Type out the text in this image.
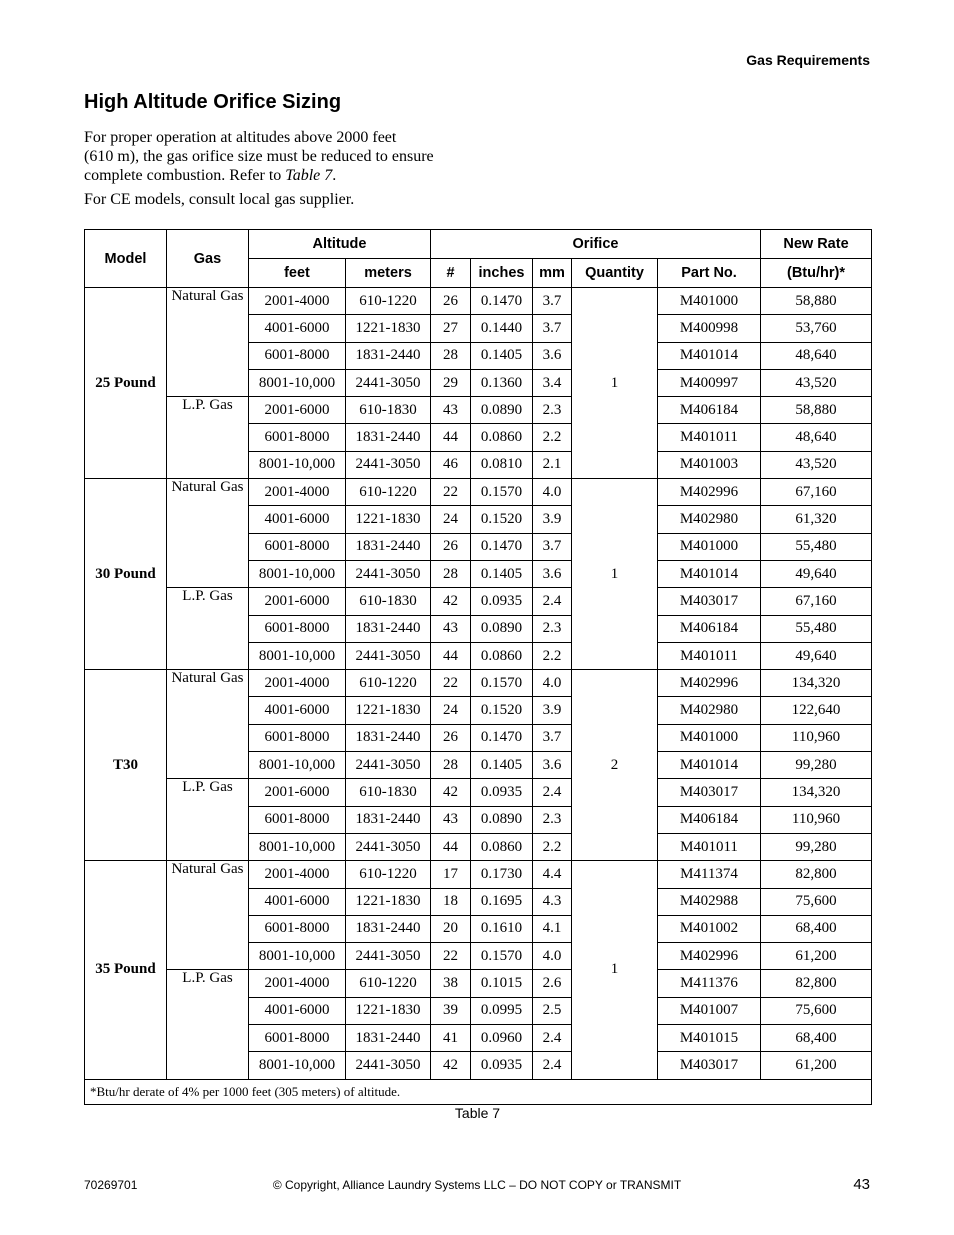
Gas Requirements
High Altitude Orifice Sizing

For proper operation at altitudes above 2000 feet
(610 m), the gas orifice size must be reduced to ensure
complete combustion. Refer to Table 7.

For CE models, consult local gas supplier.

Model	Gas	Altitude		Orifice					New Rate
		feet	meters	#	inches	mm	Quantity	Part No.	(Btu/hr)*
25 Pound	Natural Gas	2001-4000	610-1220	26	0.1470	3.7	1	M401000	58,880
		4001-6000	1221-1830	27	0.1440	3.7		M400998	53,760
		6001-8000	1831-2440	28	0.1405	3.6		M401014	48,640
		8001-10,000	2441-3050	29	0.1360	3.4		M400997	43,520
	L.P. Gas	2001-6000	610-1830	43	0.0890	2.3		M406184	58,880
		6001-8000	1831-2440	44	0.0860	2.2		M401011	48,640
		8001-10,000	2441-3050	46	0.0810	2.1		M401003	43,520
30 Pound	Natural Gas	2001-4000	610-1220	22	0.1570	4.0	1	M402996	67,160
		4001-6000	1221-1830	24	0.1520	3.9		M402980	61,320
		6001-8000	1831-2440	26	0.1470	3.7		M401000	55,480
		8001-10,000	2441-3050	28	0.1405	3.6		M401014	49,640
	L.P. Gas	2001-6000	610-1830	42	0.0935	2.4		M403017	67,160
		6001-8000	1831-2440	43	0.0890	2.3		M406184	55,480
		8001-10,000	2441-3050	44	0.0860	2.2		M401011	49,640
T30	Natural Gas	2001-4000	610-1220	22	0.1570	4.0	2	M402996	134,320
		4001-6000	1221-1830	24	0.1520	3.9		M402980	122,640
		6001-8000	1831-2440	26	0.1470	3.7		M401000	110,960
		8001-10,000	2441-3050	28	0.1405	3.6		M401014	99,280
	L.P. Gas	2001-6000	610-1830	42	0.0935	2.4		M403017	134,320
		6001-8000	1831-2440	43	0.0890	2.3		M406184	110,960
		8001-10,000	2441-3050	44	0.0860	2.2		M401011	99,280
35 Pound	Natural Gas	2001-4000	610-1220	17	0.1730	4.4	1	M411374	82,800
		4001-6000	1221-1830	18	0.1695	4.3		M402988	75,600
		6001-8000	1831-2440	20	0.1610	4.1		M401002	68,400
		8001-10,000	2441-3050	22	0.1570	4.0		M402996	61,200
	L.P. Gas	2001-4000	610-1220	38	0.1015	2.6		M411376	82,800
		4001-6000	1221-1830	39	0.0995	2.5		M401007	75,600
		6001-8000	1831-2440	41	0.0960	2.4		M401015	68,400
		8001-10,000	2441-3050	42	0.0935	2.4		M403017	61,200
*Btu/hr derate of 4% per 1000 feet (305 meters) of altitude.									
Table 7
70269701	© Copyright, Alliance Laundry Systems LLC – DO NOT COPY or TRANSMIT	43
